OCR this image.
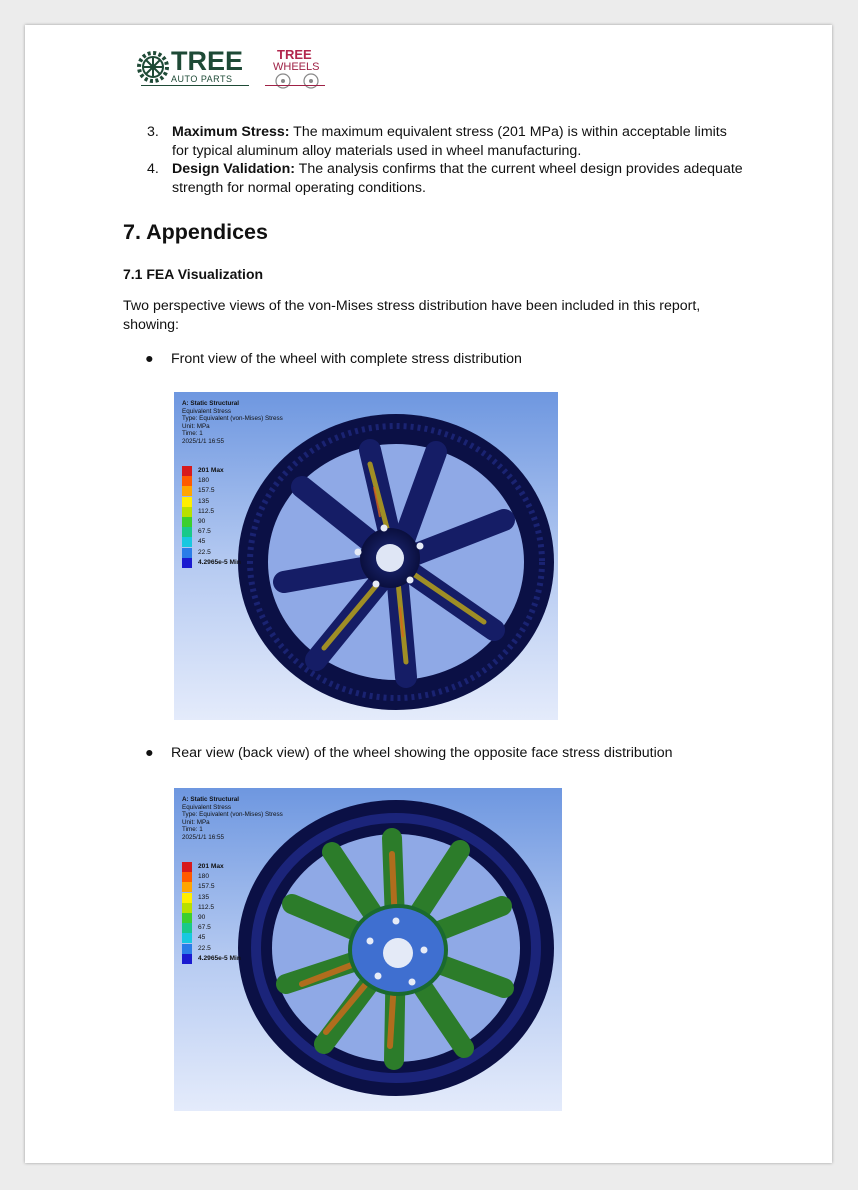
TREE
AUTO PARTS
TREE
WHEELS
3. Maximum Stress: The maximum equivalent stress (201 MPa) is within acceptable limits for typical aluminum alloy materials used in wheel manufacturing.
4. Design Validation: The analysis confirms that the current wheel design provides adequate strength for normal operating conditions.
7. Appendices
7.1 FEA Visualization
Two perspective views of the von-Mises stress distribution have been included in this report, showing:
● Front view of the wheel with complete stress distribution
A: Static Structural
Equivalent Stress
Type: Equivalent (von-Mises) Stress
Unit: MPa
Time: 1
2025/1/1 16:55
201 Max
180
157.5
135
112.5
90
67.5
45
22.5
4.2965e-5 Min
● Rear view (back view) of the wheel showing the opposite face stress distribution
A: Static Structural
Equivalent Stress
Type: Equivalent (von-Mises) Stress
Unit: MPa
Time: 1
2025/1/1 16:55
201 Max
180
157.5
135
112.5
90
67.5
45
22.5
4.2965e-5 Min
